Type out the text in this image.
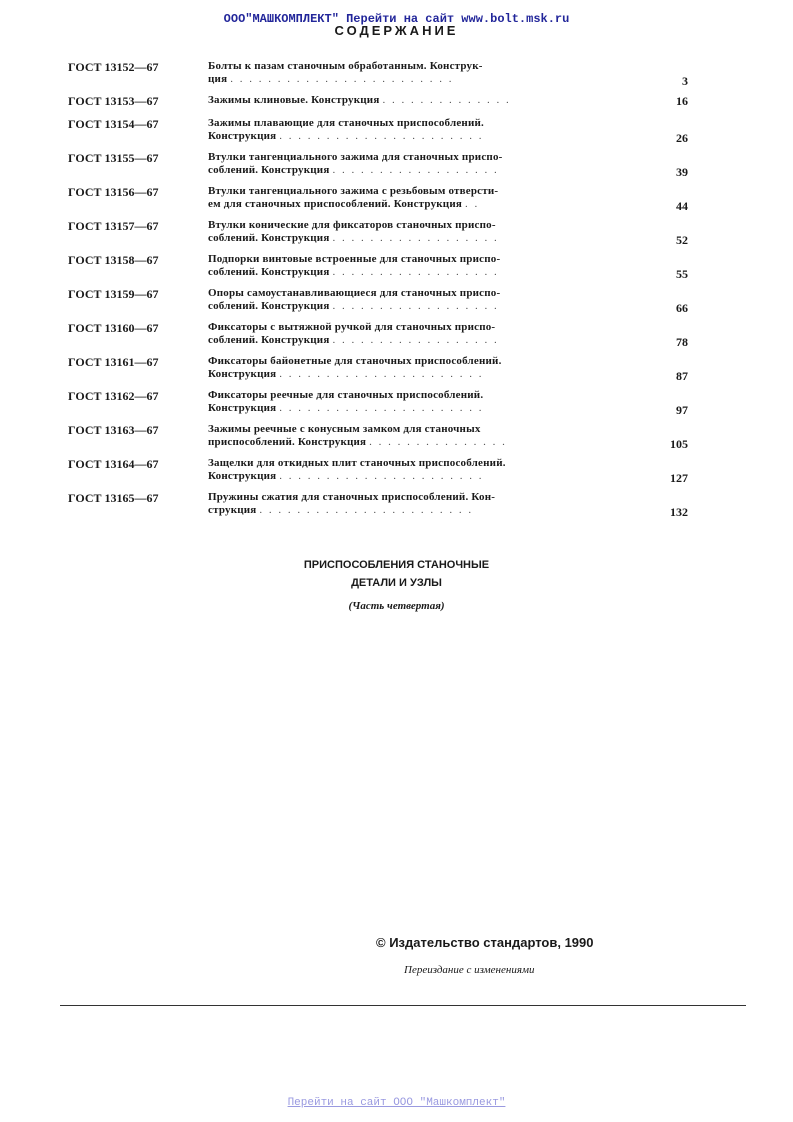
ООО"МАШКОМПЛЕКТ" Перейти на сайт www.bolt.msk.ru
СОДЕРЖАНИЕ
ГОСТ 13152—67	Болты к пазам станочным обработанным. Конструк-
ция . . . . . . . . . . . . . . . . . . . . . . . .	3
ГОСТ 13153—67	Зажимы клиновые. Конструкция . . . . . . . . . . . . . .	16
ГОСТ 13154—67	Зажимы плавающие для станочных приспособлений.
Конструкция . . . . . . . . . . . . . . . . . . . . . .	26
ГОСТ 13155—67	Втулки тангенциального зажима для станочных приспо-
соблений. Конструкция . . . . . . . . . . . . . . . . . .	39
ГОСТ 13156—67	Втулки тангенциального зажима с резьбовым отверсти-
ем для станочных приспособлений. Конструкция . .	44
ГОСТ 13157—67	Втулки конические для фиксаторов станочных приспо-
соблений. Конструкция . . . . . . . . . . . . . . . . . .	52
ГОСТ 13158—67	Подпорки винтовые встроенные для станочных приспо-
соблений. Конструкция . . . . . . . . . . . . . . . . . .	55
ГОСТ 13159—67	Опоры самоустанавливающиеся для станочных приспо-
соблений. Конструкция . . . . . . . . . . . . . . . . . .	66
ГОСТ 13160—67	Фиксаторы с вытяжной ручкой для станочных приспо-
соблений. Конструкция . . . . . . . . . . . . . . . . . .	78
ГОСТ 13161—67	Фиксаторы байонетные для станочных приспособлений.
Конструкция . . . . . . . . . . . . . . . . . . . . . .	87
ГОСТ 13162—67	Фиксаторы реечные для станочных приспособлений.
Конструкция . . . . . . . . . . . . . . . . . . . . . .	97
ГОСТ 13163—67	Зажимы реечные с конусным замком для станочных
приспособлений. Конструкция . . . . . . . . . . . . . . .	105
ГОСТ 13164—67	Защелки для откидных плит станочных приспособлений.
Конструкция . . . . . . . . . . . . . . . . . . . . . .	127
ГОСТ 13165—67	Пружины сжатия для станочных приспособлений. Кон-
струкция . . . . . . . . . . . . . . . . . . . . . . .	132
ПРИСПОСОБЛЕНИЯ СТАНОЧНЫЕ
ДЕТАЛИ И УЗЛЫ
(Часть четвертая)
© Издательство стандартов, 1990
Переиздание с изменениями
Перейти на сайт ООО "Машкомплект"
